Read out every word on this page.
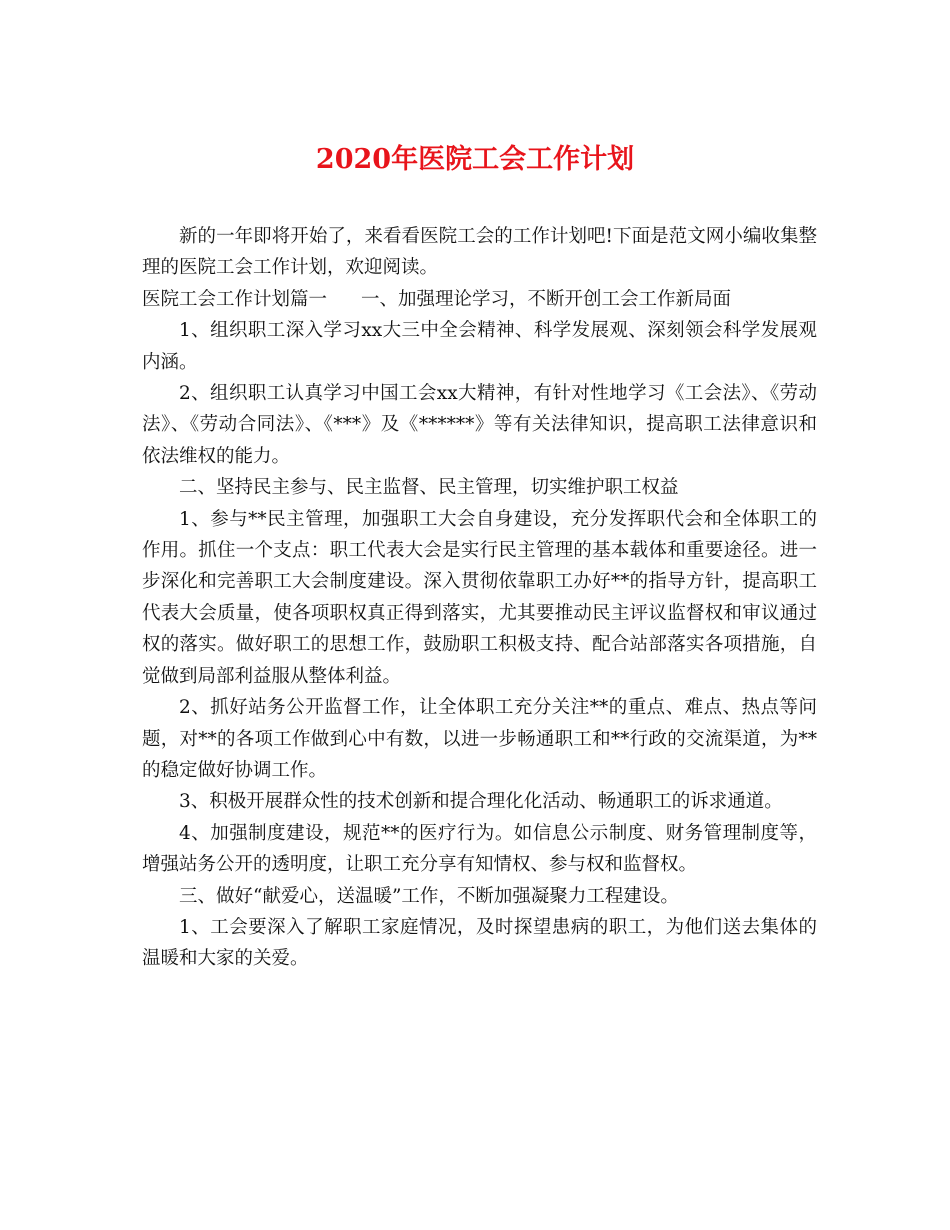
2020年医院工会工作计划

新的一年即将开始了，来看看医院工会的工作计划吧!下面是范文网小编收集整理的医院工会工作计划，欢迎阅读。

医院工会工作计划篇一 一、加强理论学习，不断开创工会工作新局面

1、组织职工深入学习xx大三中全会精神、科学发展观、深刻领会科学发展观内涵。

2、组织职工认真学习中国工会xx大精神，有针对性地学习《工会法》、《劳动法》、《劳动合同法》、《***》及《******》等有关法律知识，提高职工法律意识和依法维权的能力。

二、坚持民主参与、民主监督、民主管理，切实维护职工权益

1、参与**民主管理，加强职工大会自身建设，充分发挥职代会和全体职工的作用。抓住一个支点：职工代表大会是实行民主管理的基本载体和重要途径。进一步深化和完善职工大会制度建设。深入贯彻依靠职工办好**的指导方针，提高职工代表大会质量，使各项职权真正得到落实，尤其要推动民主评议监督权和审议通过权的落实。做好职工的思想工作，鼓励职工积极支持、配合站部落实各项措施，自觉做到局部利益服从整体利益。

2、抓好站务公开监督工作，让全体职工充分关注**的重点、难点、热点等问题，对**的各项工作做到心中有数，以进一步畅通职工和**行政的交流渠道，为**的稳定做好协调工作。

3、积极开展群众性的技术创新和提合理化化活动、畅通职工的诉求通道。

4、加强制度建设，规范**的医疗行为。如信息公示制度、财务管理制度等，增强站务公开的透明度，让职工充分享有知情权、参与权和监督权。

三、做好“献爱心，送温暖”工作，不断加强凝聚力工程建设。

1、工会要深入了解职工家庭情况，及时探望患病的职工，为他们送去集体的温暖和大家的关爱。
